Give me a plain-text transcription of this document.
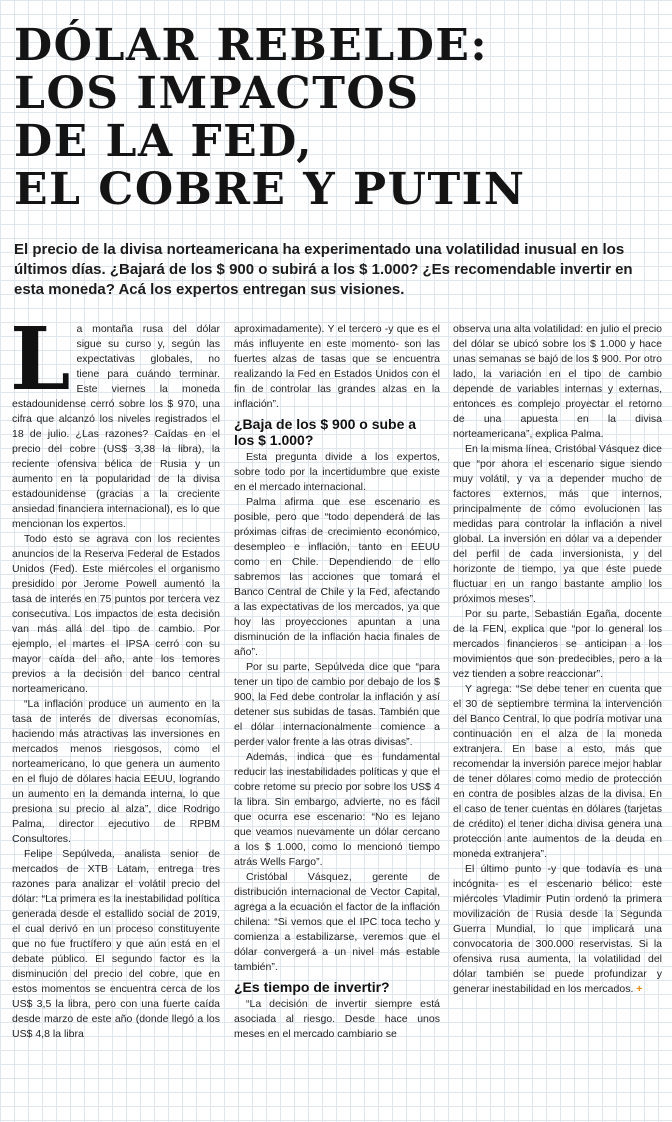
DÓLAR REBELDE:
LOS IMPACTOS
DE LA FED,
EL COBRE Y PUTIN

El precio de la divisa norteamericana ha experimentado una volatilidad inusual en los últimos días. ¿Bajará de los $ 900 o subirá a los $ 1.000? ¿Es recomendable invertir en esta moneda? Acá los expertos entregan sus visiones.

La montaña rusa del dólar sigue su curso y, según las expectativas globales, no tiene para cuándo terminar. Este viernes la moneda estadounidense cerró sobre los $ 970, una cifra que alcanzó los niveles registrados el 18 de julio. ¿Las razones? Caídas en el precio del cobre (US$ 3,38 la libra), la reciente ofensiva bélica de Rusia y un aumento en la popularidad de la divisa estadounidense (gracias a la creciente ansiedad financiera internacional), es lo que mencionan los expertos.

Todo esto se agrava con los recientes anuncios de la Reserva Federal de Estados Unidos (Fed). Este miércoles el organismo presidido por Jerome Powell aumentó la tasa de interés en 75 puntos por tercera vez consecutiva. Los impactos de esta decisión van más allá del tipo de cambio. Por ejemplo, el martes el IPSA cerró con su mayor caída del año, ante los temores previos a la decisión del banco central norteamericano.

“La inflación produce un aumento en la tasa de interés de diversas economías, haciendo más atractivas las inversiones en mercados menos riesgosos, como el norteamericano, lo que genera un aumento en el flujo de dólares hacia EEUU, logrando un aumento en la demanda interna, lo que presiona su precio al alza”, dice Rodrigo Palma, director ejecutivo de RPBM Consultores.

Felipe Sepúlveda, analista senior de mercados de XTB Latam, entrega tres razones para analizar el volátil precio del dólar: “La primera es la inestabilidad política generada desde el estallido social de 2019, el cual derivó en un proceso constituyente que no fue fructífero y que aún está en el debate público. El segundo factor es la disminución del precio del cobre, que en estos momentos se encuentra cerca de los US$ 3,5 la libra, pero con una fuerte caída desde marzo de este año (donde llegó a los US$ 4,8 la libra

aproximadamente). Y el tercero -y que es el más influyente en este momento- son las fuertes alzas de tasas que se encuentra realizando la Fed en Estados Unidos con el fin de controlar las grandes alzas en la inflación”.

¿Baja de los $ 900 o sube a los $ 1.000?

Esta pregunta divide a los expertos, sobre todo por la incertidumbre que existe en el mercado internacional.

Palma afirma que ese escenario es posible, pero que “todo dependerá de las próximas cifras de crecimiento económico, desempleo e inflación, tanto en EEUU como en Chile. Dependiendo de ello sabremos las acciones que tomará el Banco Central de Chile y la Fed, afectando a las expectativas de los mercados, ya que hoy las proyecciones apuntan a una disminución de la inflación hacia finales de año”.

Por su parte, Sepúlveda dice que “para tener un tipo de cambio por debajo de los $ 900, la Fed debe controlar la inflación y así detener sus subidas de tasas. También que el dólar internacionalmente comience a perder valor frente a las otras divisas”.

Además, indica que es fundamental reducir las inestabilidades políticas y que el cobre retome su precio por sobre los US$ 4 la libra. Sin embargo, advierte, no es fácil que ocurra ese escenario: “No es lejano que veamos nuevamente un dólar cercano a los $ 1.000, como lo mencionó tiempo atrás Wells Fargo”.

Cristóbal Vásquez, gerente de distribución internacional de Vector Capital, agrega a la ecuación el factor de la inflación chilena: “Si vemos que el IPC toca techo y comienza a estabilizarse, veremos que el dólar convergerá a un nivel más estable también”.

¿Es tiempo de invertir?

“La decisión de invertir siempre está asociada al riesgo. Desde hace unos meses en el mercado cambiario se

observa una alta volatilidad: en julio el precio del dólar se ubicó sobre los $ 1.000 y hace unas semanas se bajó de los $ 900. Por otro lado, la variación en el tipo de cambio depende de variables internas y externas, entonces es complejo proyectar el retorno de una apuesta en la divisa norteamericana”, explica Palma.

En la misma línea, Cristóbal Vásquez dice que “por ahora el escenario sigue siendo muy volátil, y va a depender mucho de factores externos, más que internos, principalmente de cómo evolucionen las medidas para controlar la inflación a nivel global. La inversión en dólar va a depender del perfil de cada inversionista, y del horizonte de tiempo, ya que éste puede fluctuar en un rango bastante amplio los próximos meses”.

Por su parte, Sebastián Egaña, docente de la FEN, explica que “por lo general los mercados financieros se anticipan a los movimientos que son predecibles, pero a la vez tienden a sobre reaccionar”.

Y agrega: “Se debe tener en cuenta que el 30 de septiembre termina la intervención del Banco Central, lo que podría motivar una continuación en el alza de la moneda extranjera. En base a esto, más que recomendar la inversión parece mejor hablar de tener dólares como medio de protección en contra de posibles alzas de la divisa. En el caso de tener cuentas en dólares (tarjetas de crédito) el tener dicha divisa genera una protección ante aumentos de la deuda en moneda extranjera”.

El último punto -y que todavía es una incógnita- es el escenario bélico: este miércoles Vladimir Putin ordenó la primera movilización de Rusia desde la Segunda Guerra Mundial, lo que implicará una convocatoria de 300.000 reservistas. Si la ofensiva rusa aumenta, la volatilidad del dólar también se puede profundizar y generar inestabilidad en los mercados. +
